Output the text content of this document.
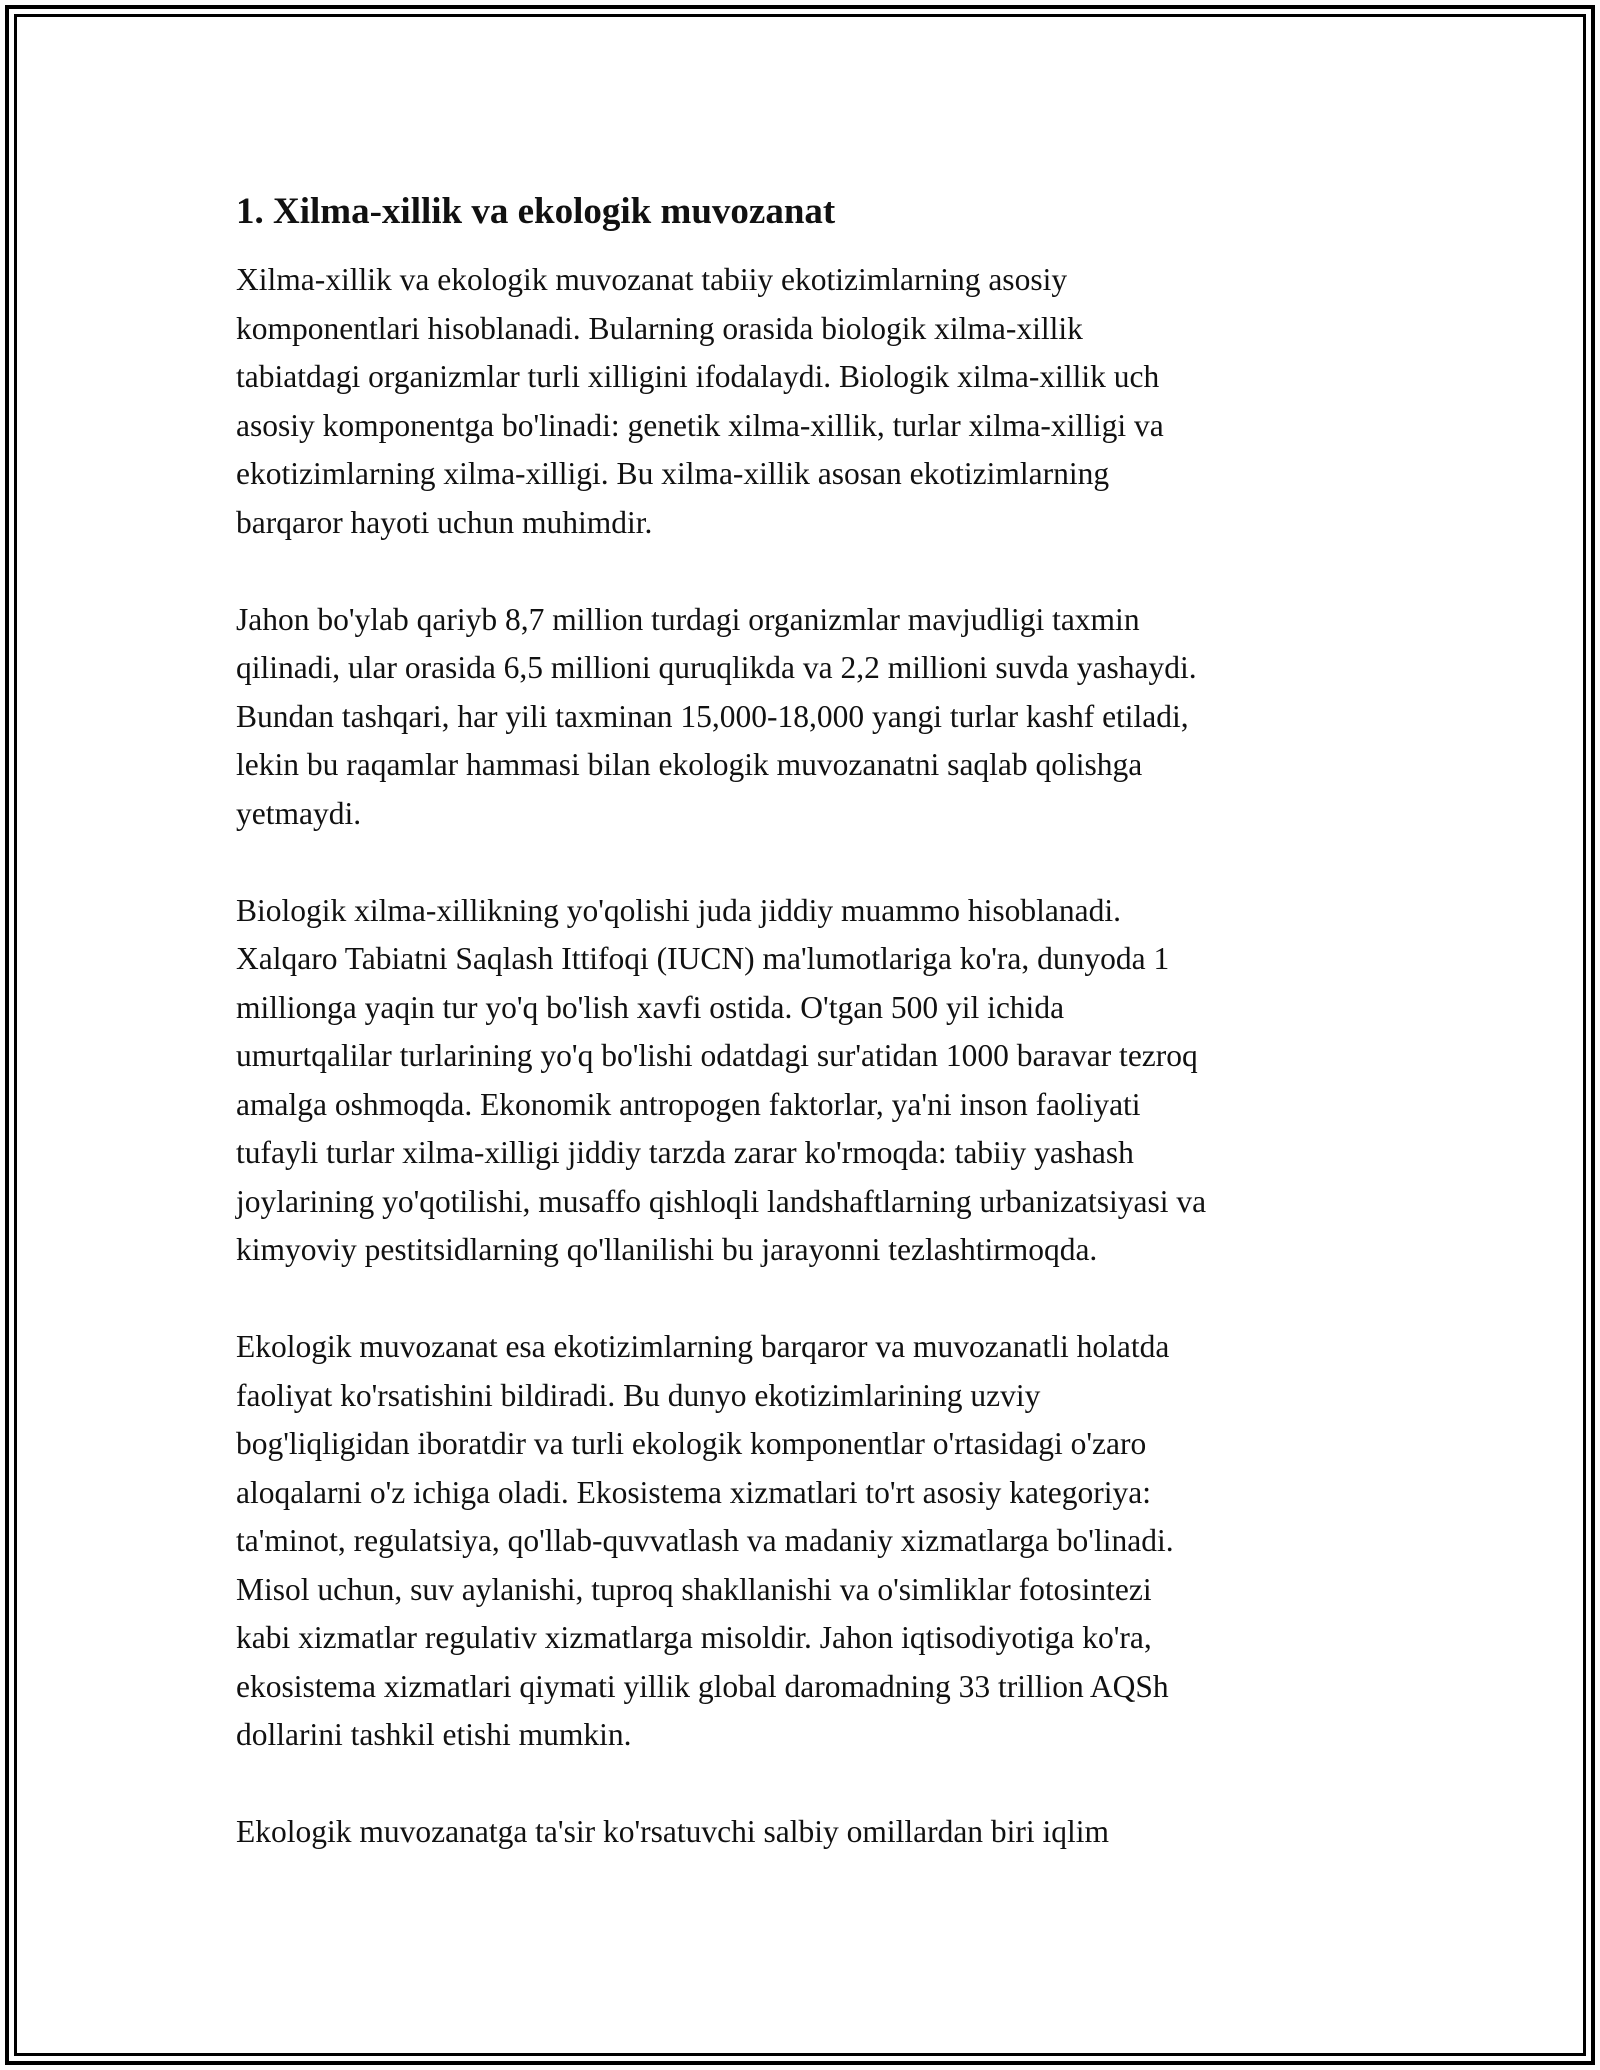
1. Xilma-xillik va ekologik muvozanat

Xilma-xillik va ekologik muvozanat tabiiy ekotizimlarning asosiy
komponentlari hisoblanadi. Bularning orasida biologik xilma-xillik
tabiatdagi organizmlar turli xilligini ifodalaydi. Biologik xilma-xillik uch
asosiy komponentga bo'linadi: genetik xilma-xillik, turlar xilma-xilligi va
ekotizimlarning xilma-xilligi. Bu xilma-xillik asosan ekotizimlarning
barqaror hayoti uchun muhimdir.

Jahon bo'ylab qariyb 8,7 million turdagi organizmlar mavjudligi taxmin
qilinadi, ular orasida 6,5 millioni quruqlikda va 2,2 millioni suvda yashaydi.
Bundan tashqari, har yili taxminan 15,000-18,000 yangi turlar kashf etiladi,
lekin bu raqamlar hammasi bilan ekologik muvozanatni saqlab qolishga
yetmaydi.

Biologik xilma-xillikning yo'qolishi juda jiddiy muammo hisoblanadi.
Xalqaro Tabiatni Saqlash Ittifoqi (IUCN) ma'lumotlariga ko'ra, dunyoda 1
millionga yaqin tur yo'q bo'lish xavfi ostida. O'tgan 500 yil ichida
umurtqalilar turlarining yo'q bo'lishi odatdagi sur'atidan 1000 baravar tezroq
amalga oshmoqda. Ekonomik antropogen faktorlar, ya'ni inson faoliyati
tufayli turlar xilma-xilligi jiddiy tarzda zarar ko'rmoqda: tabiiy yashash
joylarining yo'qotilishi, musaffo qishloqli landshaftlarning urbanizatsiyasi va
kimyoviy pestitsidlarning qo'llanilishi bu jarayonni tezlashtirmoqda.

Ekologik muvozanat esa ekotizimlarning barqaror va muvozanatli holatda
faoliyat ko'rsatishini bildiradi. Bu dunyo ekotizimlarining uzviy
bog'liqligidan iboratdir va turli ekologik komponentlar o'rtasidagi o'zaro
aloqalarni o'z ichiga oladi. Ekosistema xizmatlari to'rt asosiy kategoriya:
ta'minot, regulatsiya, qo'llab-quvvatlash va madaniy xizmatlarga bo'linadi.
Misol uchun, suv aylanishi, tuproq shakllanishi va o'simliklar fotosintezi
kabi xizmatlar regulativ xizmatlarga misoldir. Jahon iqtisodiyotiga ko'ra,
ekosistema xizmatlari qiymati yillik global daromadning 33 trillion AQSh
dollarini tashkil etishi mumkin.

Ekologik muvozanatga ta'sir ko'rsatuvchi salbiy omillardan biri iqlim
